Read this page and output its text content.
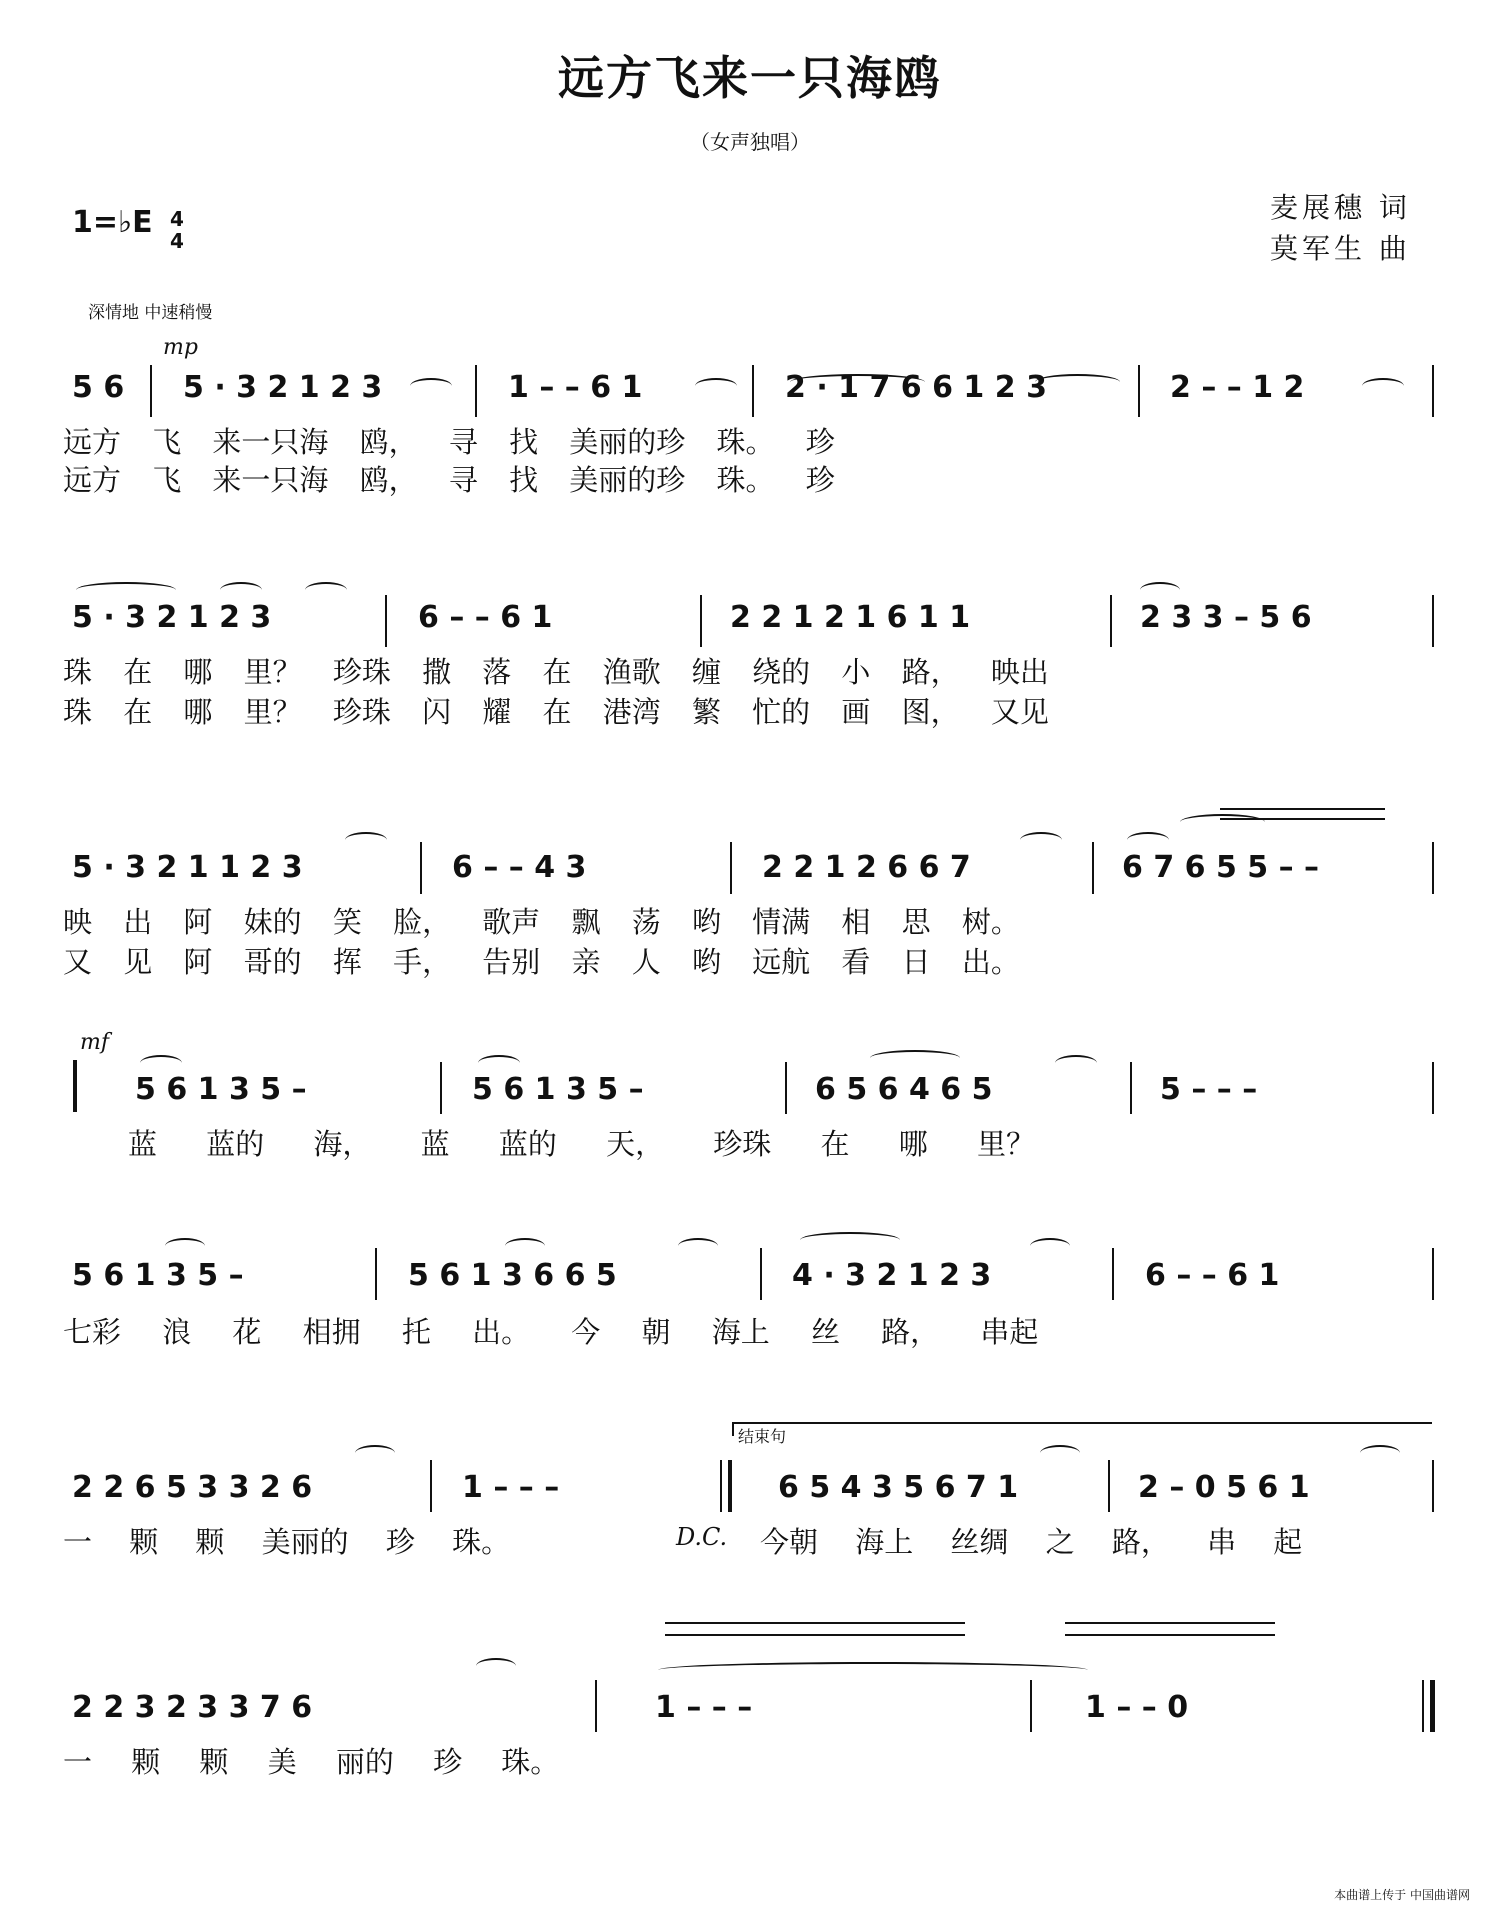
远方飞来一只海鸥
（女声独唱）
麦展穗 词
莫军生 曲
1=♭E 4
4
深情地 中速稍慢
mp
5 6 5 · 3 2 1 2 3	1 – – 6 1	2 · 1 7 6 6 1 2 3	2 – – 1 2
远方 飞 来一只海 鸥， 寻 找 美丽的珍 珠。 珍
远方 飞 来一只海 鸥， 寻 找 美丽的珍 珠。 珍
5 · 3 2 1 2 3	6 – – 6 1	2 2 1 2 1 6 1 1	2 3 3 – 5 6
珠 在 哪 里？ 珍珠 撒 落 在 渔歌 缠 绕的 小 路， 映出
珠 在 哪 里？ 珍珠 闪 耀 在 港湾 繁 忙的 画 图， 又见
5 · 3 2 1 1 2 3	6 – – 4 3	2 2 1 2 6 6 7	6 7 6 5 5 – –
映 出 阿 妹的 笑 脸， 歌声 飘 荡 哟 情满 相 思 树。
又 见 阿 哥的 挥 手， 告别 亲 人 哟 远航 看 日 出。
mf
5 6 1 3 5 –	5 6 1 3 5 –	6 5 6 4 6 5	5 – – –
蓝 蓝的 海， 蓝 蓝的 天， 珍珠 在 哪 里？
5 6 1 3 5 –	5 6 1 3 6 6 5	4 · 3 2 1 2 3	6 – – 6 1
七彩 浪 花 相拥 托 出。 今 朝 海上 丝 路， 串起
结束句
2 2 6 5 3 3 2 6	1 – – –	6 5 4 3 5 6 7 1	2 – 0 5 6 1
一 颗 颗 美丽的 珍 珠。	D.C. 今朝 海上 丝绸 之 路， 串 起
2 2 3 2 3 3 7 6	1 – – –	1 – – 0
一 颗 颗 美 丽的 珍 珠。
本曲谱上传于 中国曲谱网
